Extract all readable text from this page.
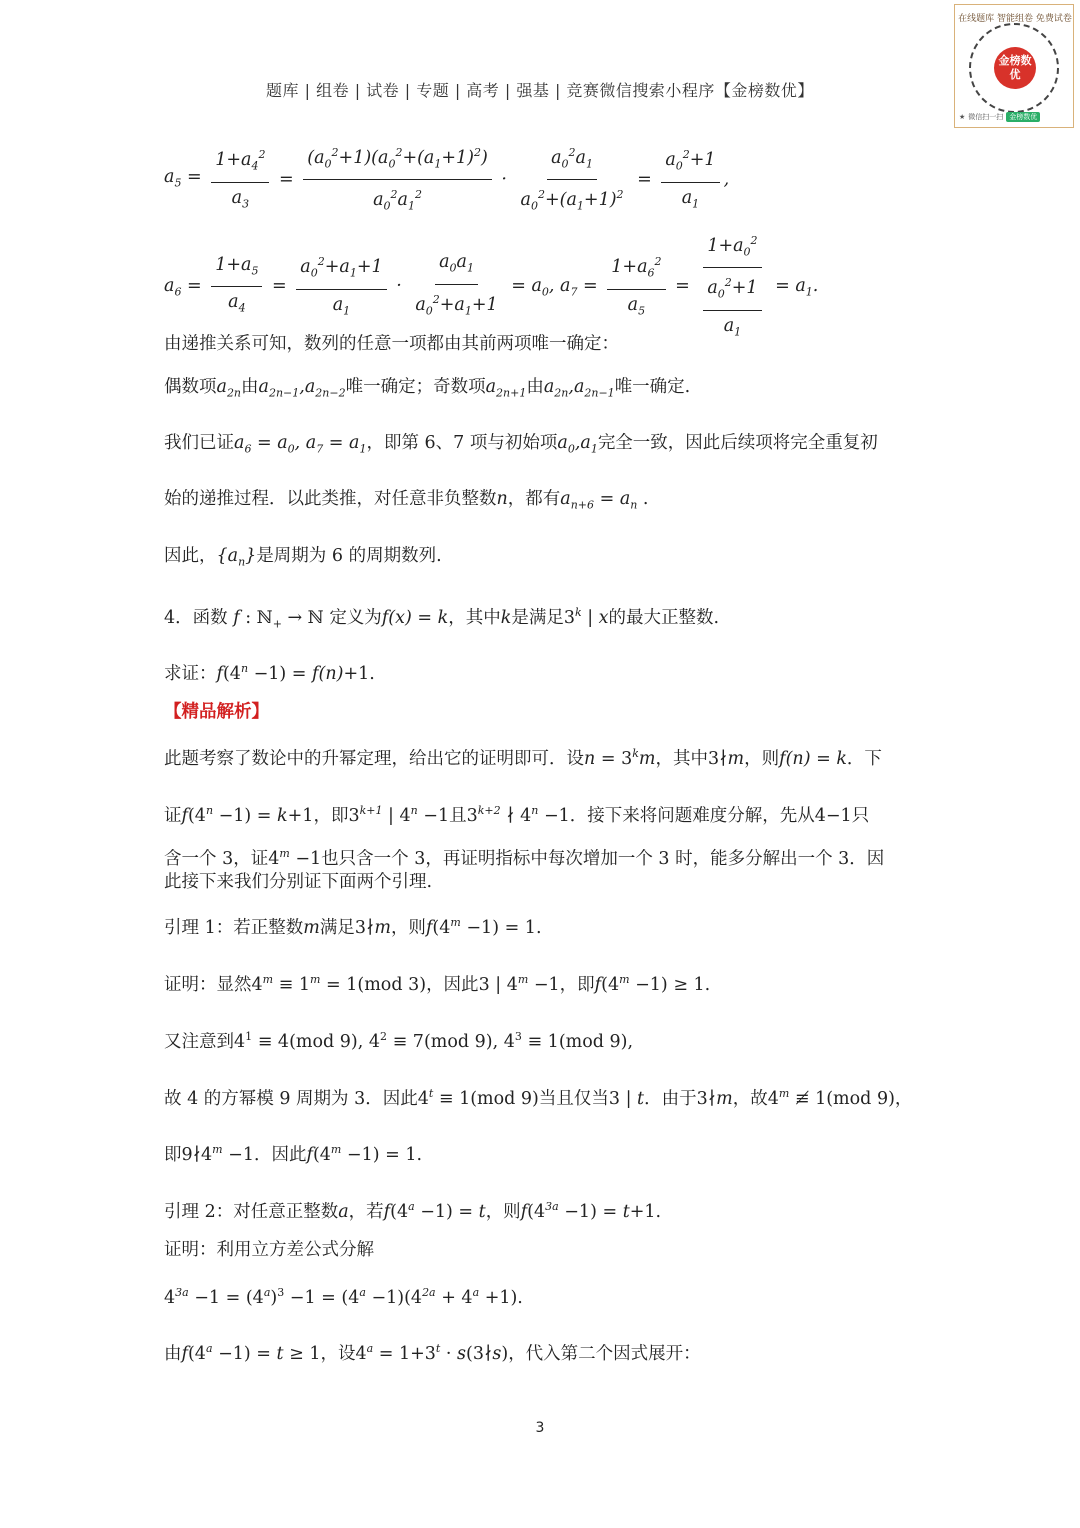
题库 | 组卷 | 试卷 | 专题 | 高考 | 强基 | 竞赛微信搜索小程序【金榜数优】
在线题库 智能组卷 免费试卷
金榜数优
★ 微信扫一扫 金榜数优
$a_5 = \frac{1+a_4^2}{a_3} = \frac{(a_0^2+1)(a_0^2+(a_1+1)^2)}{a_0^2a_1^2} \cdot \frac{a_0^2a_1}{a_0^2+(a_1+1)^2} = \frac{a_0^2+1}{a_1}$ ,
$a_6 = \frac{1+a_5}{a_4} = \frac{a_0^2+a_1+1}{a_1} \cdot \frac{a_0a_1}{a_0^2+a_1+1} = a_0$, $a_7 = \frac{1+a_6^2}{a_5} = \frac{1+a_0^2}{\frac{a_0^2+1}{a_1}} = a_1$.
由递推关系可知，数列的任意一项都由其前两项唯一确定：
偶数项$a_{2n}$由$a_{2n-1},a_{2n-2}$唯一确定；奇数项$a_{2n+1}$由$a_{2n},a_{2n-1}$唯一确定.
我们已证$a_6 = a_0$, $a_7 = a_1$，即第 6、7 项与初始项$a_0,a_1$完全一致，因此后续项将完全重复初
始的递推过程．以此类推，对任意非负整数n，都有$a_{n+6} = a_n$ .
因此，$\{a_n\}$是周期为 6 的周期数列.
4．函数 f : ℕ$_+$ → ℕ 定义为f(x) = k，其中k是满足3$^k$ | x的最大正整数.
求证：$f(4^n -1) = f(n)+1$.
【精品解析】
此题考察了数论中的升幂定理，给出它的证明即可．设$n = 3^km$，其中3∤m，则f(n) = k．下
证$f(4^n -1) = k+1$，即$3^{k+1}$ | $4^n -1$且$3^{k+2}$ ∤ $4^n -1$．接下来将问题难度分解，先从4−1只
含一个 3，证$4^m -1$也只含一个 3，再证明指标中每次增加一个 3 时，能多分解出一个 3．因
此接下来我们分别证下面两个引理.
引理 1：若正整数m满足3∤m，则$f(4^m -1) = 1$.
证明：显然$4^m \equiv 1^m = 1(mod$ 3)，因此3 | $4^m -1$，即$f(4^m -1) \ge 1$.
又注意到$4^1 \equiv 4(mod$ 9), $4^2 \equiv 7(mod$ 9), $4^3 \equiv 1(mod$ 9),
故 4 的方幂模 9 周期为 3．因此$4^t \equiv 1(mod$ 9)当且仅当3 | t．由于3∤m，故4$^m$ ≢ 1(mod 9)，
即$9∤4^m -1$．因此$f(4^m -1) = 1$.
引理 2：对任意正整数a，若$f(4^a -1) = t$，则$f(4^{3a} -1) = t+1$.
证明：利用立方差公式分解
$4^{3a} -1 = (4^a)^3 -1 = (4^a -1)(4^{2a} + 4^a +1)$.
由$f(4^a -1) = t \ge 1$，设$4^a = 1+3^t$ · s(3∤s)，代入第二个因式展开：
3
